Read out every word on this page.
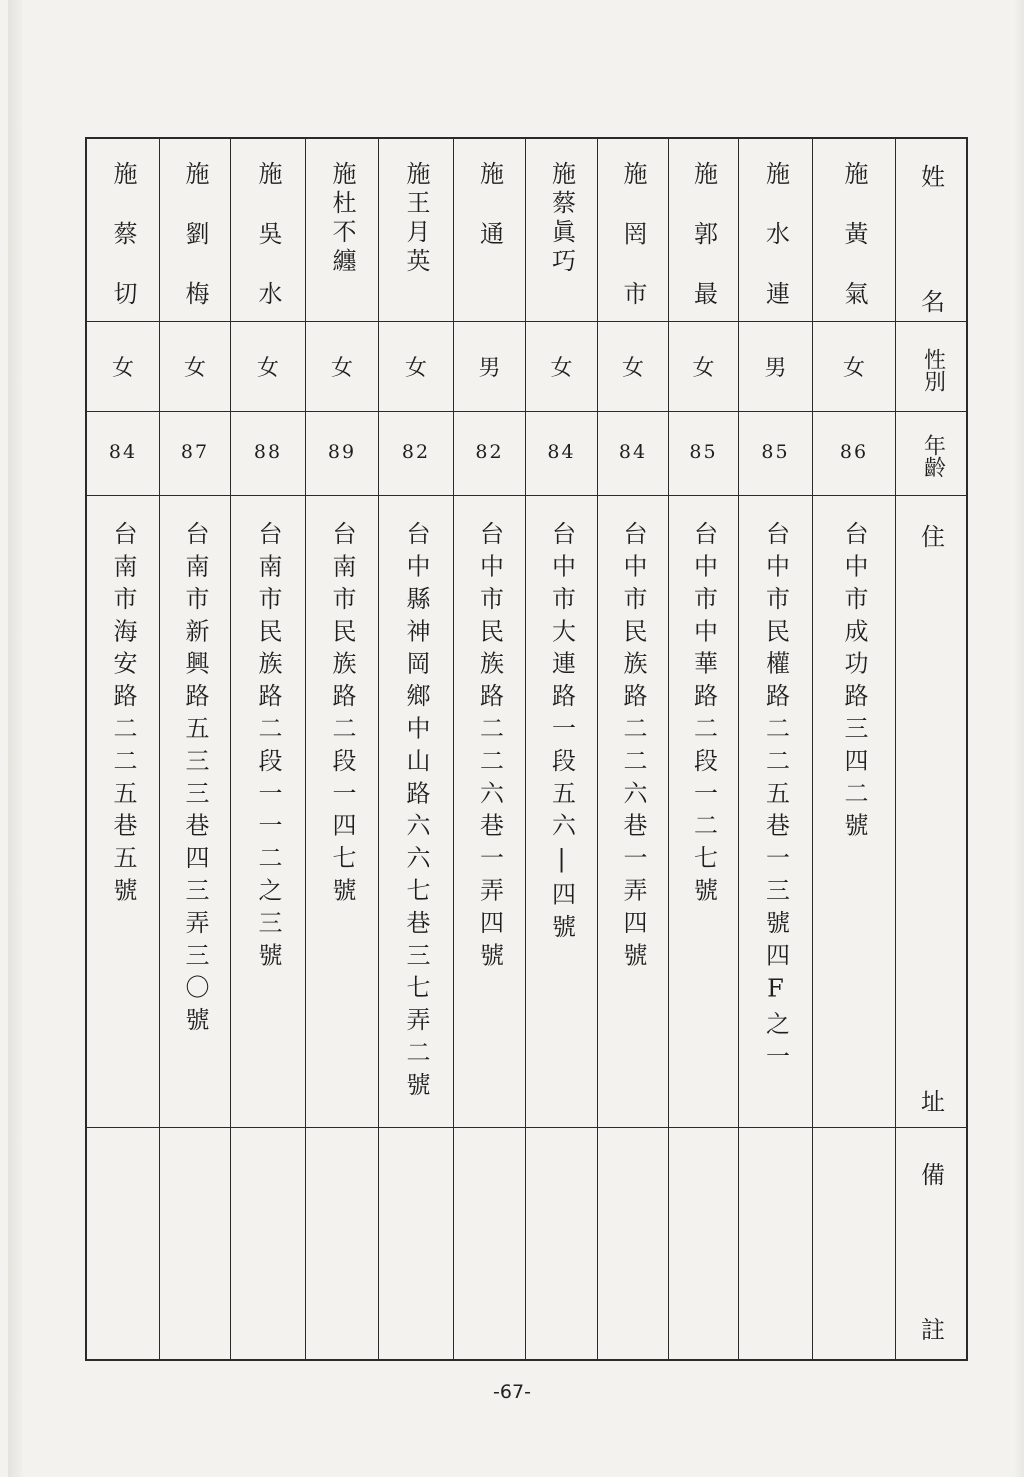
施蔡切
女
84
台南市海安路二二五巷五號
施劉梅
女
87
台南市新興路五三三巷四三弄三〇號
施吳水
女
88
台南市民族路二段一一二之三號
施杜不纏
女
89
台南市民族路二段一四七號
施王月英
女
82
台中縣神岡鄉中山路六六七巷三七弄二號
施通
男
82
台中市民族路二二六巷一弄四號
施蔡眞巧
女
84
台中市大連路一段五六|四號
施罔市
女
84
台中市民族路二二六巷一弄四號
施郭最
女
85
台中市中華路二段一二七號
施水連
男
85
台中市民權路二二五巷一三號四F之一
施黃氣
女
86
台中市成功路三四二號
姓
名
性別
年齡
住
址
備
註
-67-
